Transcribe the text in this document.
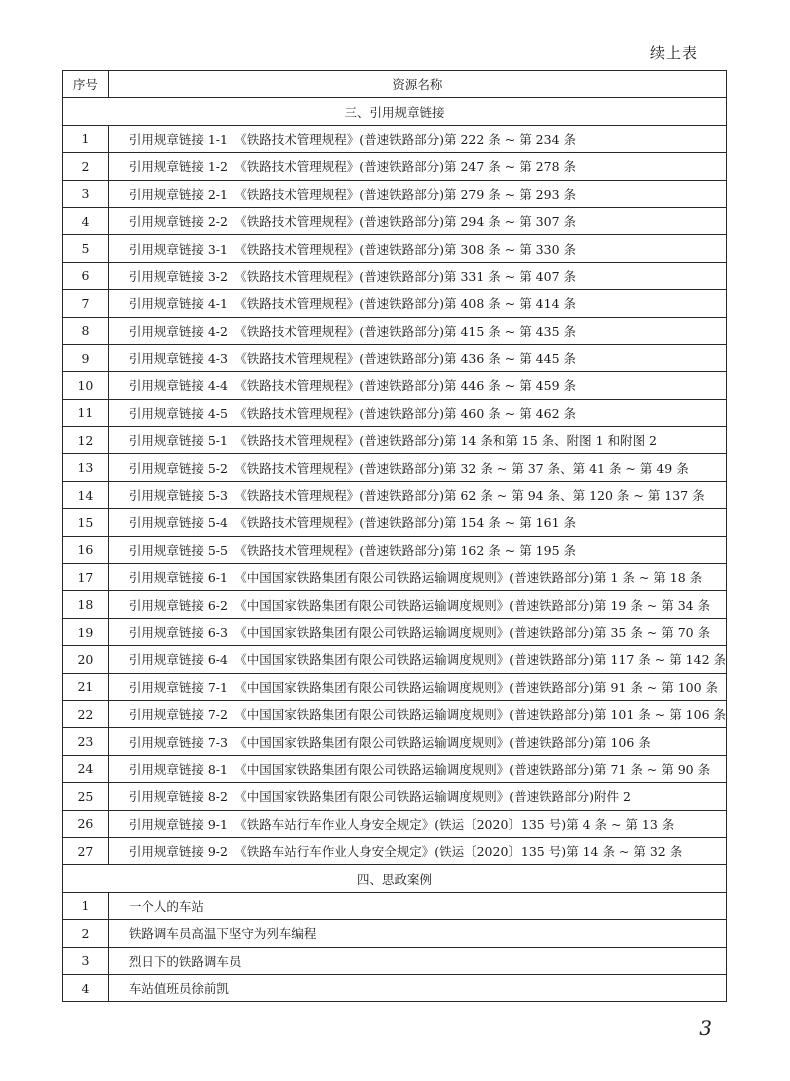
续上表
序号	资源名称
三、引用规章链接	
1	引用规章链接 1-1　《铁路技术管理规程》(普速铁路部分)第 222 条 ~ 第 234 条
2	引用规章链接 1-2　《铁路技术管理规程》(普速铁路部分)第 247 条 ~ 第 278 条
3	引用规章链接 2-1　《铁路技术管理规程》(普速铁路部分)第 279 条 ~ 第 293 条
4	引用规章链接 2-2　《铁路技术管理规程》(普速铁路部分)第 294 条 ~ 第 307 条
5	引用规章链接 3-1　《铁路技术管理规程》(普速铁路部分)第 308 条 ~ 第 330 条
6	引用规章链接 3-2　《铁路技术管理规程》(普速铁路部分)第 331 条 ~ 第 407 条
7	引用规章链接 4-1　《铁路技术管理规程》(普速铁路部分)第 408 条 ~ 第 414 条
8	引用规章链接 4-2　《铁路技术管理规程》(普速铁路部分)第 415 条 ~ 第 435 条
9	引用规章链接 4-3　《铁路技术管理规程》(普速铁路部分)第 436 条 ~ 第 445 条
10	引用规章链接 4-4　《铁路技术管理规程》(普速铁路部分)第 446 条 ~ 第 459 条
11	引用规章链接 4-5　《铁路技术管理规程》(普速铁路部分)第 460 条 ~ 第 462 条
12	引用规章链接 5-1　《铁路技术管理规程》(普速铁路部分)第 14 条和第 15 条、附图 1 和附图 2
13	引用规章链接 5-2　《铁路技术管理规程》(普速铁路部分)第 32 条 ~ 第 37 条、第 41 条 ~ 第 49 条
14	引用规章链接 5-3　《铁路技术管理规程》(普速铁路部分)第 62 条 ~ 第 94 条、第 120 条 ~ 第 137 条
15	引用规章链接 5-4　《铁路技术管理规程》(普速铁路部分)第 154 条 ~ 第 161 条
16	引用规章链接 5-5　《铁路技术管理规程》(普速铁路部分)第 162 条 ~ 第 195 条
17	引用规章链接 6-1　《中国国家铁路集团有限公司铁路运输调度规则》(普速铁路部分)第 1 条 ~ 第 18 条
18	引用规章链接 6-2　《中国国家铁路集团有限公司铁路运输调度规则》(普速铁路部分)第 19 条 ~ 第 34 条
19	引用规章链接 6-3　《中国国家铁路集团有限公司铁路运输调度规则》(普速铁路部分)第 35 条 ~ 第 70 条
20	引用规章链接 6-4　《中国国家铁路集团有限公司铁路运输调度规则》(普速铁路部分)第 117 条 ~ 第 142 条
21	引用规章链接 7-1　《中国国家铁路集团有限公司铁路运输调度规则》(普速铁路部分)第 91 条 ~ 第 100 条
22	引用规章链接 7-2　《中国国家铁路集团有限公司铁路运输调度规则》(普速铁路部分)第 101 条 ~ 第 106 条
23	引用规章链接 7-3　《中国国家铁路集团有限公司铁路运输调度规则》(普速铁路部分)第 106 条
24	引用规章链接 8-1　《中国国家铁路集团有限公司铁路运输调度规则》(普速铁路部分)第 71 条 ~ 第 90 条
25	引用规章链接 8-2　《中国国家铁路集团有限公司铁路运输调度规则》(普速铁路部分)附件 2
26	引用规章链接 9-1　《铁路车站行车作业人身安全规定》(铁运〔2020〕135 号)第 4 条 ~ 第 13 条
27	引用规章链接 9-2　《铁路车站行车作业人身安全规定》(铁运〔2020〕135 号)第 14 条 ~ 第 32 条
四、思政案例	
1	一个人的车站
2	铁路调车员高温下坚守为列车编程
3	烈日下的铁路调车员
4	车站值班员徐前凯
3
